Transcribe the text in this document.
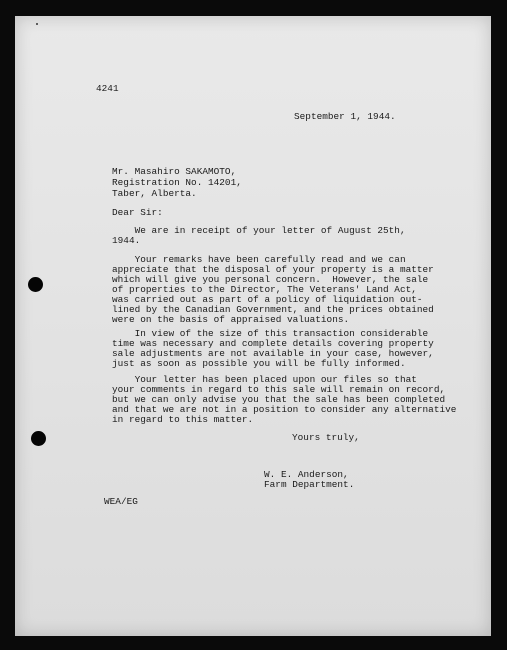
4241
September 1, 1944.
Mr. Masahiro SAKAMOTO,
Registration No. 14201,
Taber, Alberta.
Dear Sir:
We are in receipt of your letter of August 25th,
1944.
Your remarks have been carefully read and we can
appreciate that the disposal of your property is a matter
which will give you personal concern.  However, the sale
of properties to the Director, The Veterans' Land Act,
was carried out as part of a policy of liquidation out-
lined by the Canadian Government, and the prices obtained
were on the basis of appraised valuations.
In view of the size of this transaction considerable
time was necessary and complete details covering property
sale adjustments are not available in your case, however,
just as soon as possible you will be fully informed.
Your letter has been placed upon our files so that
your comments in regard to this sale will remain on record,
but we can only advise you that the sale has been completed
and that we are not in a position to consider any alternative
in regard to this matter.
Yours truly,
W. E. Anderson,
Farm Department.
WEA/EG
